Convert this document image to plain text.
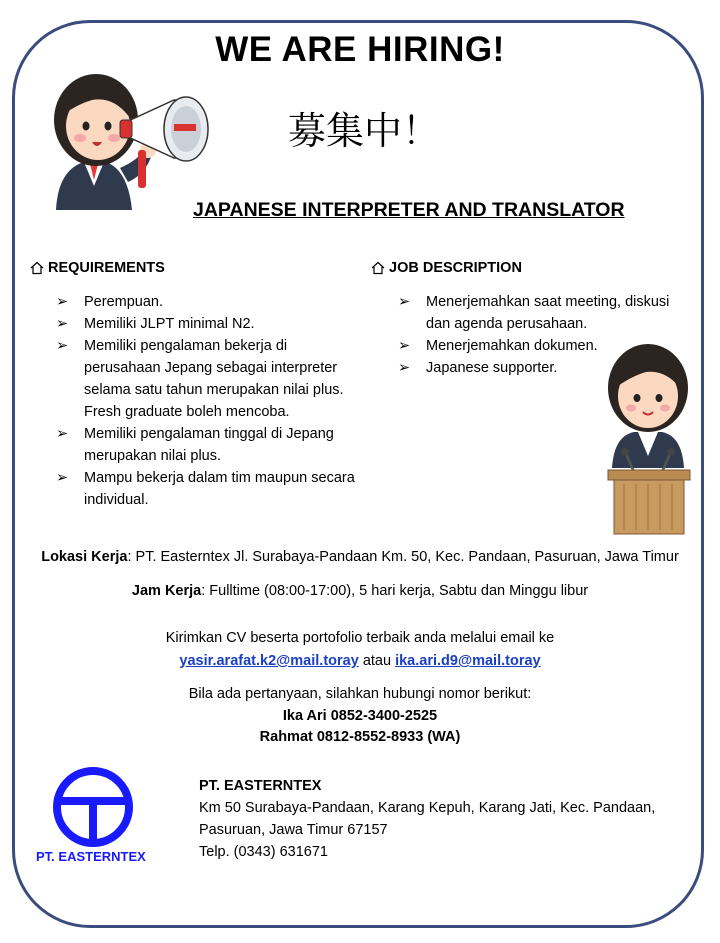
WE ARE HIRING!
募集中！
JAPANESE INTERPRETER AND TRANSLATOR
REQUIREMENTS
➢ Perempuan.
➢ Memiliki JLPT minimal N2.
➢ Memiliki pengalaman bekerja di perusahaan Jepang sebagai interpreter selama satu tahun merupakan nilai plus. Fresh graduate boleh mencoba.
➢ Memiliki pengalaman tinggal di Jepang merupakan nilai plus.
➢ Mampu bekerja dalam tim maupun secara individual.
JOB DESCRIPTION
➢ Menerjemahkan saat meeting, diskusi dan agenda perusahaan.
➢ Menerjemahkan dokumen.
➢ Japanese supporter.
Lokasi Kerja: PT. Easterntex Jl. Surabaya-Pandaan Km. 50, Kec. Pandaan, Pasuruan, Jawa Timur
Jam Kerja: Fulltime (08:00-17:00), 5 hari kerja, Sabtu dan Minggu libur
Kirimkan CV beserta portofolio terbaik anda melalui email ke
yasir.arafat.k2@mail.toray atau ika.ari.d9@mail.toray
Bila ada pertanyaan, silahkan hubungi nomor berikut:
Ika Ari 0852-3400-2525
Rahmat 0812-8552-8933 (WA)
PT. EASTERNTEX
PT. EASTERNTEX
Km 50 Surabaya-Pandaan, Karang Kepuh, Karang Jati, Kec. Pandaan,
Pasuruan, Jawa Timur 67157
Telp. (0343) 631671
